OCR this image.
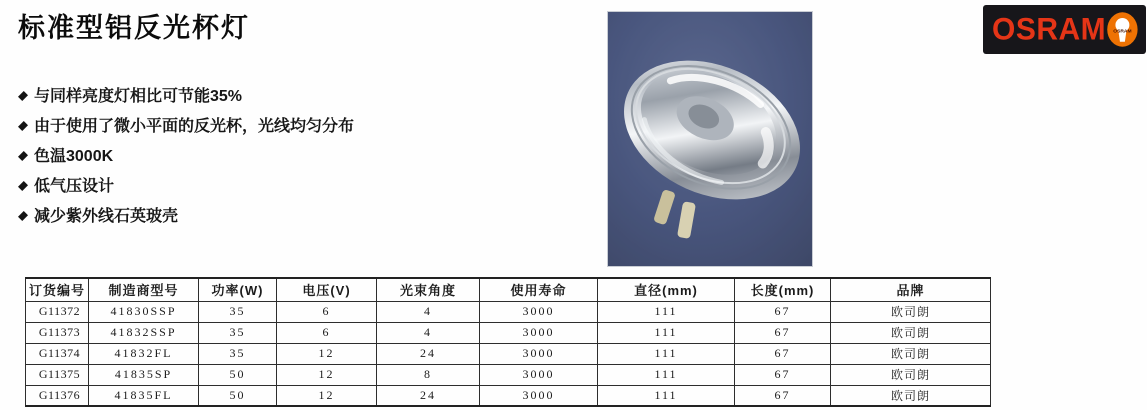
标准型铝反光杯灯
与同样亮度灯相比可节能35%
由于使用了微小平面的反光杯，光线均匀分布
色温3000K
低气压设计
减少紫外线石英玻壳
OSRAM OSRAM
订货编号	制造商型号	功率(W)	电压(V)	光束角度	使用寿命	直径(mm)	长度(mm)	品牌
G11372	41830SSP	35	6	4	3000	111	67	欧司朗
G11373	41832SSP	35	6	4	3000	111	67	欧司朗
G11374	41832FL	35	12	24	3000	111	67	欧司朗
G11375	41835SP	50	12	8	3000	111	67	欧司朗
G11376	41835FL	50	12	24	3000	111	67	欧司朗
